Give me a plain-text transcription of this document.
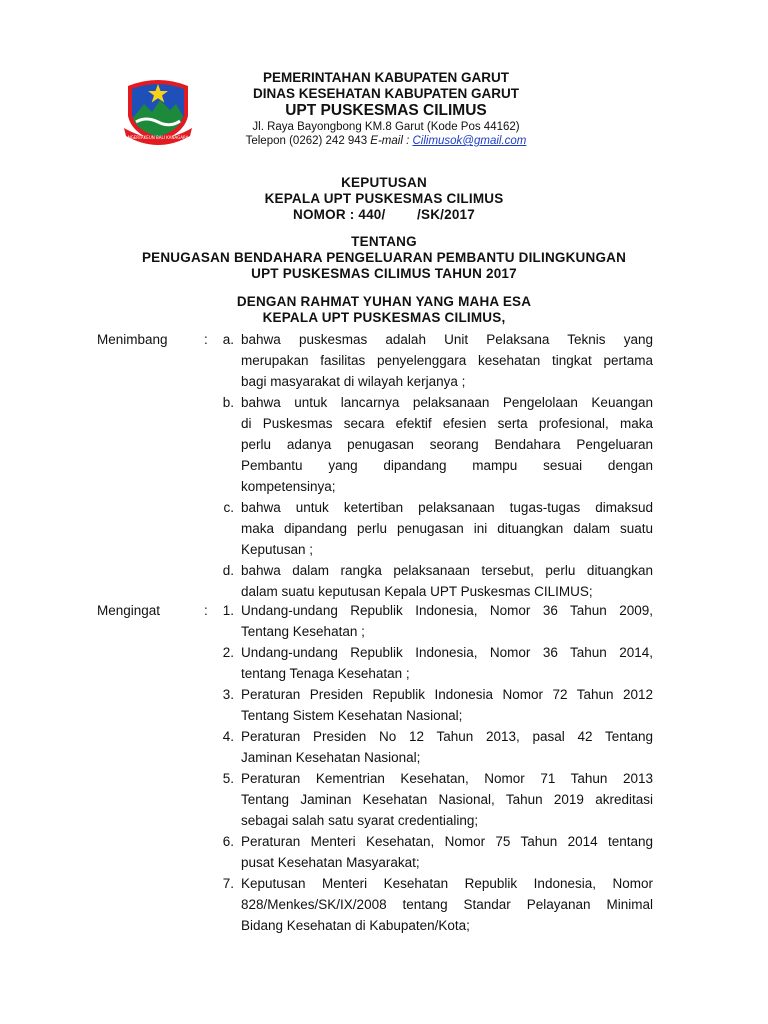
NGERTAKEUN BALI KANAGARA
PEMERINTAHAN KABUPATEN GARUT
DINAS KESEHATAN KABUPATEN GARUT
UPT PUSKESMAS CILIMUS
Jl. Raya Bayongbong KM.8 Garut (Kode Pos 44162)
Telepon (0262) 242 943 E-mail : Cilimusok@gmail.com
KEPUTUSAN
KEPALA UPT PUSKESMAS CILIMUS
NOMOR : 440/        /SK/2017
TENTANG
PENUGASAN BENDAHARA PENGELUARAN PEMBANTU DILINGKUNGAN
UPT PUSKESMAS CILIMUS TAHUN 2017
DENGAN RAHMAT YUHAN YANG MAHA ESA
KEPALA UPT PUSKESMAS CILIMUS,
Menimbang	:	a. bahwa puskesmas adalah Unit Pelaksana Teknis yang
merupakan fasilitas penyelenggara kesehatan tingkat pertama
bagi masyarakat di wilayah kerjanya ;
b. bahwa untuk lancarnya pelaksanaan Pengelolaan Keuangan
di Puskesmas secara efektif efesien serta profesional, maka
perlu adanya penugasan seorang Bendahara Pengeluaran
Pembantu yang dipandang mampu sesuai dengan
kompetensinya;
c. bahwa untuk ketertiban pelaksanaan tugas-tugas dimaksud
maka dipandang perlu penugasan ini dituangkan dalam suatu
Keputusan ;
d. bahwa dalam rangka pelaksanaan tersebut, perlu dituangkan
dalam suatu keputusan Kepala UPT Puskesmas CILIMUS;
Mengingat	:	1. Undang-undang Republik Indonesia, Nomor 36 Tahun 2009,
Tentang Kesehatan ;
2. Undang-undang Republik Indonesia, Nomor 36 Tahun 2014,
tentang Tenaga Kesehatan ;
3. Peraturan Presiden Republik Indonesia Nomor 72 Tahun 2012
Tentang Sistem Kesehatan Nasional;
4. Peraturan Presiden No 12 Tahun 2013, pasal 42 Tentang
Jaminan Kesehatan Nasional;
5. Peraturan Kementrian Kesehatan, Nomor 71 Tahun 2013
Tentang Jaminan Kesehatan Nasional, Tahun 2019 akreditasi
sebagai salah satu syarat credentialing;
6. Peraturan Menteri Kesehatan, Nomor 75 Tahun 2014 tentang
pusat Kesehatan Masyarakat;
7. Keputusan Menteri Kesehatan Republik Indonesia, Nomor
828/Menkes/SK/IX/2008 tentang Standar Pelayanan Minimal
Bidang Kesehatan di Kabupaten/Kota;
